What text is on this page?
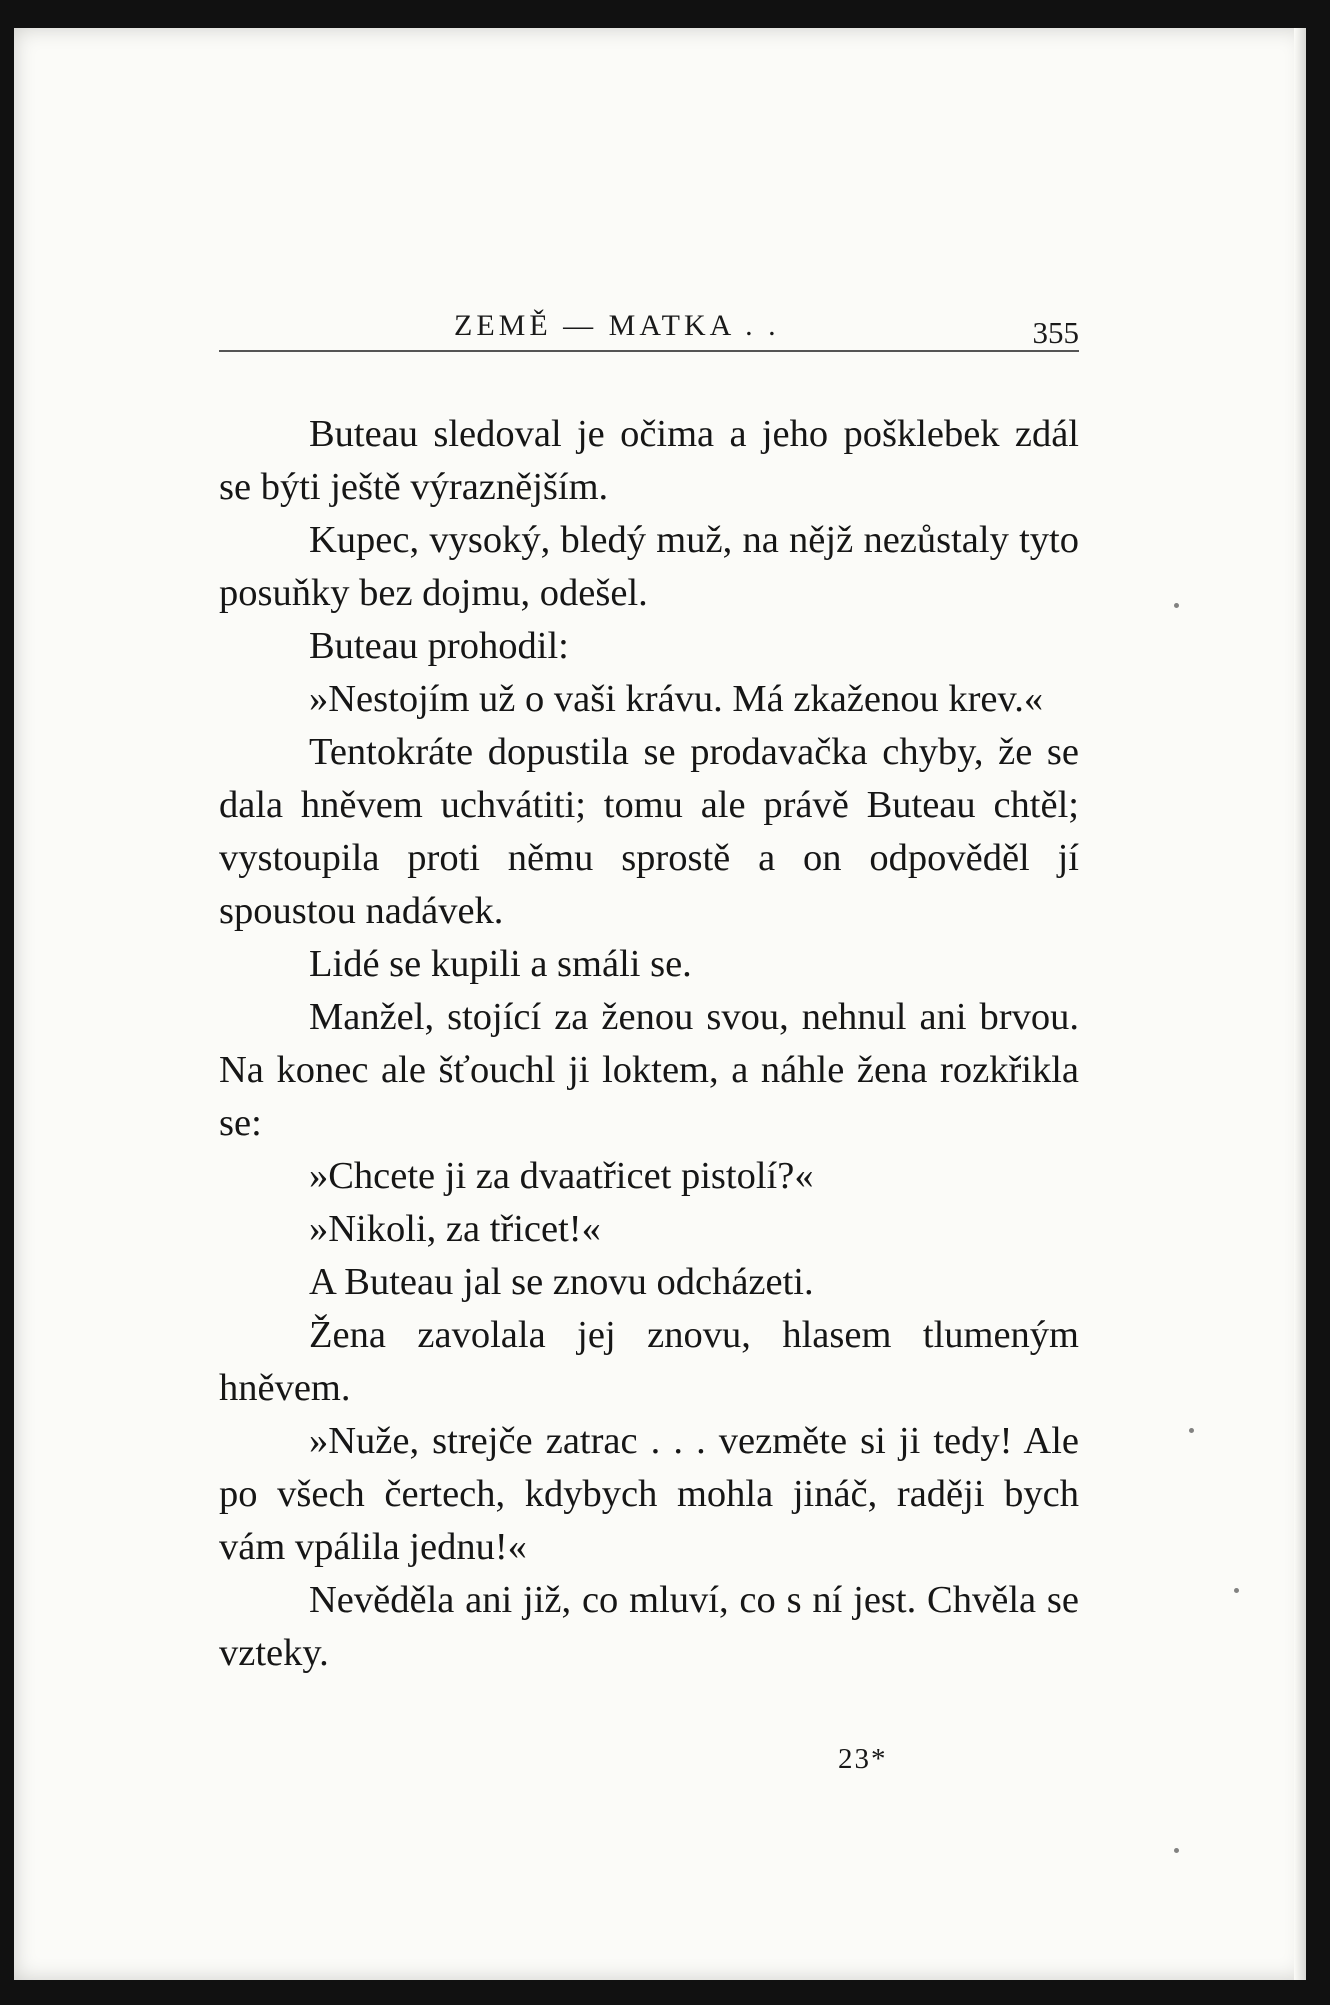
ZEMĚ — MATKA . .	355

Buteau sledoval je očima a jeho pošklebek zdál se býti ještě výraznějším.

Kupec, vysoký, bledý muž, na nějž nezůstaly tyto posuňky bez dojmu, odešel.

Buteau prohodil:

»Nestojím už o vaši krávu. Má zkaženou krev.«

Tentokráte dopustila se prodavačka chyby, že se dala hněvem uchvátiti; tomu ale právě Buteau chtěl; vystoupila proti němu sprostě a on odpověděl jí spoustou nadávek.

Lidé se kupili a smáli se.

Manžel, stojící za ženou svou, nehnul ani brvou. Na konec ale šťouchl ji loktem, a náhle žena rozkřikla se:

»Chcete ji za dvaatřicet pistolí?«

»Nikoli, za třicet!«

A Buteau jal se znovu odcházeti.

Žena zavolala jej znovu, hlasem tlumeným hněvem.

»Nuže, strejče zatrac . . . vezměte si ji tedy! Ale po všech čertech, kdybych mohla jináč, raději bych vám vpálila jednu!«

Nevěděla ani již, co mluví, co s ní jest. Chvěla se vzteky.

23*
